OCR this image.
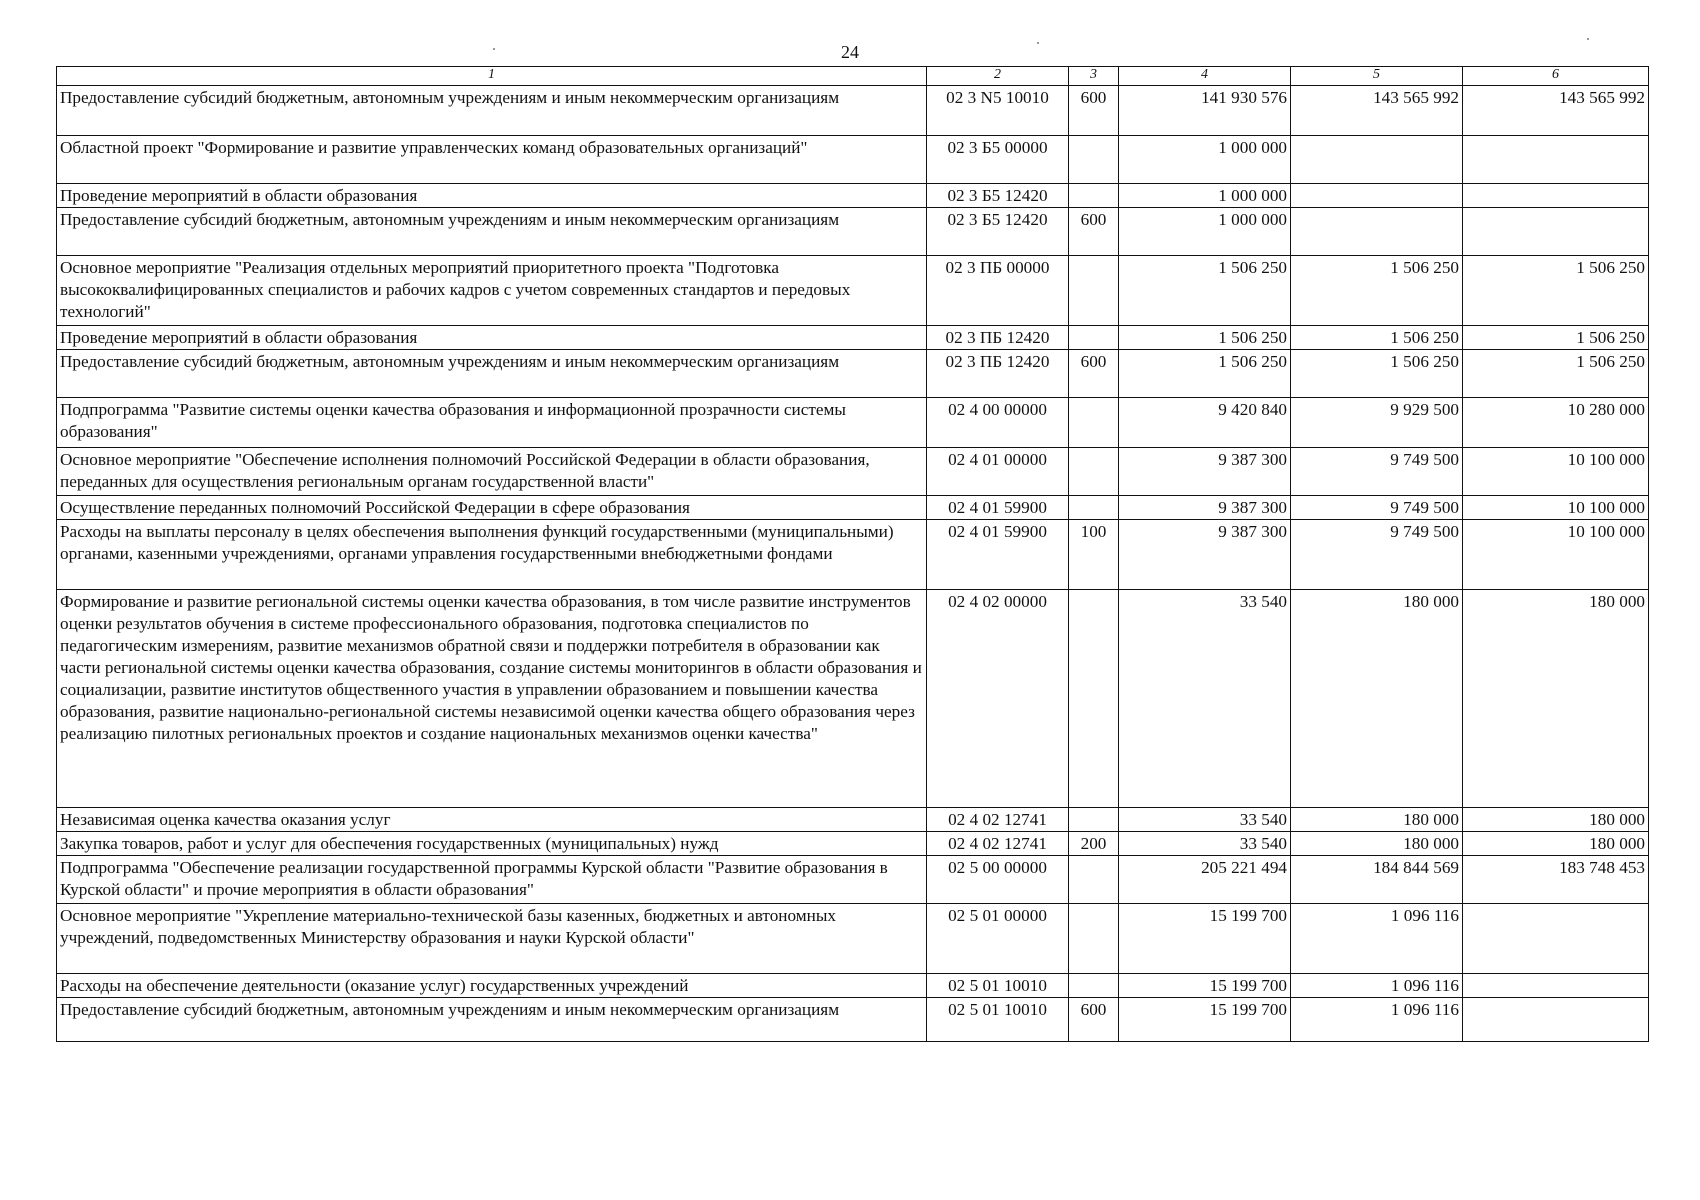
24
1	2	3	4	5	6
Предоставление субсидий бюджетным, автономным учреждениям и иным некоммерческим организациям	02 3 N5 10010	600	141 930 576	143 565 992	143 565 992
Областной проект "Формирование и развитие управленческих команд образовательных организаций"	02 3 Б5 00000		1 000 000		
Проведение мероприятий в области образования	02 3 Б5 12420		1 000 000		
Предоставление субсидий бюджетным, автономным учреждениям и иным некоммерческим организациям	02 3 Б5 12420	600	1 000 000		
Основное мероприятие "Реализация отдельных мероприятий приоритетного проекта "Подготовка высококвалифицированных специалистов и рабочих кадров с учетом современных стандартов и передовых технологий"	02 3 ПБ 00000		1 506 250	1 506 250	1 506 250
Проведение мероприятий в области образования	02 3 ПБ 12420		1 506 250	1 506 250	1 506 250
Предоставление субсидий бюджетным, автономным учреждениям и иным некоммерческим организациям	02 3 ПБ 12420	600	1 506 250	1 506 250	1 506 250
Подпрограмма "Развитие системы оценки качества образования и информационной прозрачности системы образования"	02 4 00 00000		9 420 840	9 929 500	10 280 000
Основное мероприятие "Обеспечение исполнения полномочий Российской Федерации в области образования, переданных для осуществления региональным органам государственной власти"	02 4 01 00000		9 387 300	9 749 500	10 100 000
Осуществление переданных полномочий Российской Федерации в сфере образования	02 4 01 59900		9 387 300	9 749 500	10 100 000
Расходы на выплаты персоналу в целях обеспечения выполнения функций государственными (муниципальными) органами, казенными учреждениями, органами управления государственными внебюджетными фондами	02 4 01 59900	100	9 387 300	9 749 500	10 100 000
Формирование и развитие региональной системы оценки качества образования, в том числе развитие инструментов оценки результатов обучения в системе профессионального образования, подготовка специалистов по педагогическим измерениям, развитие механизмов обратной связи и поддержки потребителя в образовании как части региональной системы оценки качества образования, создание системы мониторингов в области образования и социализации, развитие институтов общественного участия в управлении образованием и повышении качества образования, развитие национально-региональной системы независимой оценки качества общего образования через реализацию пилотных региональных проектов и создание национальных механизмов оценки качества"	02 4 02 00000		33 540	180 000	180 000
Независимая оценка качества оказания услуг	02 4 02 12741		33 540	180 000	180 000
Закупка товаров, работ и услуг для обеспечения государственных (муниципальных) нужд	02 4 02 12741	200	33 540	180 000	180 000
Подпрограмма "Обеспечение реализации государственной программы Курской области "Развитие образования в Курской области" и прочие мероприятия в области образования"	02 5 00 00000		205 221 494	184 844 569	183 748 453
Основное мероприятие "Укрепление материально-технической базы казенных, бюджетных и автономных учреждений, подведомственных Министерству образования и науки Курской области"	02 5 01 00000		15 199 700	1 096 116	
Расходы на обеспечение деятельности (оказание услуг) государственных учреждений	02 5 01 10010		15 199 700	1 096 116	
Предоставление субсидий бюджетным, автономным учреждениям и иным некоммерческим организациям	02 5 01 10010	600	15 199 700	1 096 116	
